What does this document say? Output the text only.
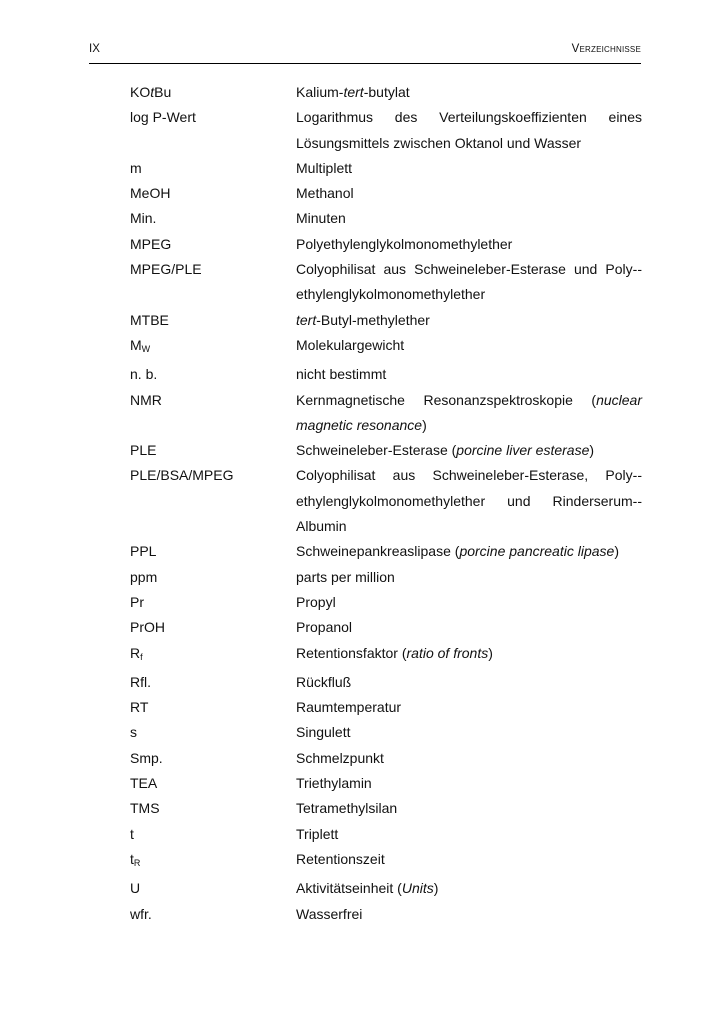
IX	Verzeichnisse
KOtBu	Kalium-tert-butylat
log P-Wert	Logarithmus des Verteilungskoeffizienten eines Lösungsmittels zwischen Oktanol und Wasser
m	Multiplett
MeOH	Methanol
Min.	Minuten
MPEG	Polyethylenglykolmonomethylether
MPEG/PLE	Colyophilisat aus Schweineleber-Esterase und Poly-ethylenglykolmonomethylether
MTBE	tert-Butyl-methylether
$M_W$	Molekulargewicht
n. b.	nicht bestimmt
NMR	Kernmagnetische Resonanzspektroskopie (nuclear magnetic resonance)
PLE	Schweineleber-Esterase (porcine liver esterase)
PLE/BSA/MPEG	Colyophilisat aus Schweineleber-Esterase, Poly-ethylenglykolmonomethylether und Rinderserum-Albumin
PPL	Schweinepankreaslipase (porcine pancreatic lipase)
ppm	parts per million
Pr	Propyl
PrOH	Propanol
$R_f$	Retentionsfaktor (ratio of fronts)
Rfl.	Rückfluß
RT	Raumtemperatur
s	Singulett
Smp.	Schmelzpunkt
TEA	Triethylamin
TMS	Tetramethylsilan
t	Triplett
$t_R$	Retentionszeit
U	Aktivitätseinheit (Units)
wfr.	Wasserfrei
